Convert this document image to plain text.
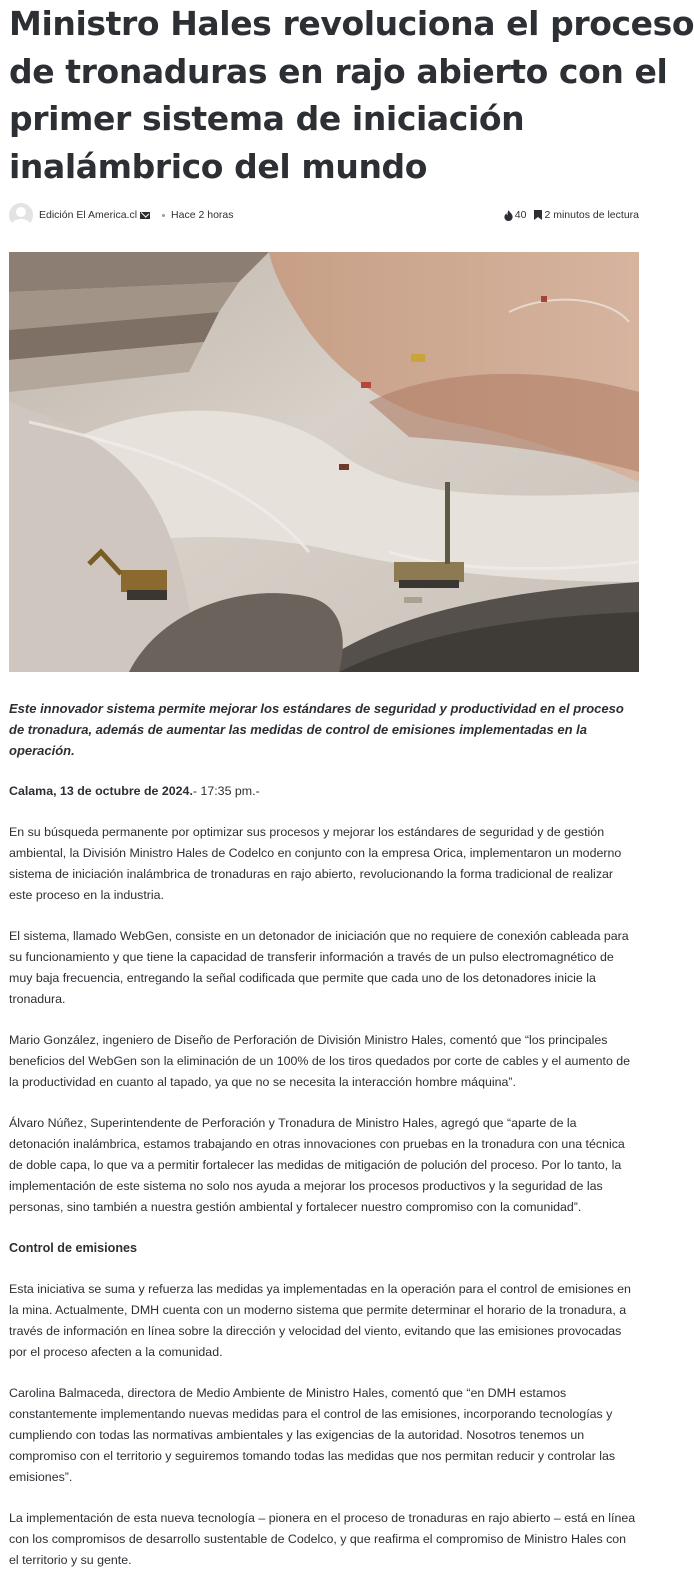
Ministro Hales revoluciona el proceso
de tronaduras en rajo abierto con el
primer sistema de iniciación
inalámbrico del mundo
Edición El America.cl	Hace 2 horas	40 2 minutos de lectura

Este innovador sistema permite mejorar los estándares de seguridad y productividad en el proceso de tronadura, además de aumentar las medidas de control de emisiones implementadas en la operación.

Calama, 13 de octubre de 2024.- 17:35 pm.-

En su búsqueda permanente por optimizar sus procesos y mejorar los estándares de seguridad y de gestión ambiental, la División Ministro Hales de Codelco en conjunto con la empresa Orica, implementaron un moderno sistema de iniciación inalámbrica de tronaduras en rajo abierto, revolucionando la forma tradicional de realizar este proceso en la industria.

El sistema, llamado WebGen, consiste en un detonador de iniciación que no requiere de conexión cableada para su funcionamiento y que tiene la capacidad de transferir información a través de un pulso electromagnético de muy baja frecuencia, entregando la señal codificada que permite que cada uno de los detonadores inicie la tronadura.

Mario González, ingeniero de Diseño de Perforación de División Ministro Hales, comentó que “los principales beneficios del WebGen son la eliminación de un 100% de los tiros quedados por corte de cables y el aumento de la productividad en cuanto al tapado, ya que no se necesita la interacción hombre máquina”.

Álvaro Núñez, Superintendente de Perforación y Tronadura de Ministro Hales, agregó que “aparte de la detonación inalámbrica, estamos trabajando en otras innovaciones con pruebas en la tronadura con una técnica de doble capa, lo que va a permitir fortalecer las medidas de mitigación de polución del proceso. Por lo tanto, la implementación de este sistema no solo nos ayuda a mejorar los procesos productivos y la seguridad de las personas, sino también a nuestra gestión ambiental y fortalecer nuestro compromiso con la comunidad”.

Control de emisiones

Esta iniciativa se suma y refuerza las medidas ya implementadas en la operación para el control de emisiones en la mina. Actualmente, DMH cuenta con un moderno sistema que permite determinar el horario de la tronadura, a través de información en línea sobre la dirección y velocidad del viento, evitando que las emisiones provocadas por el proceso afecten a la comunidad.

Carolina Balmaceda, directora de Medio Ambiente de Ministro Hales, comentó que “en DMH estamos constantemente implementando nuevas medidas para el control de las emisiones, incorporando tecnologías y cumpliendo con todas las normativas ambientales y las exigencias de la autoridad. Nosotros tenemos un compromiso con el territorio y seguiremos tomando todas las medidas que nos permitan reducir y controlar las emisiones”.

La implementación de esta nueva tecnología – pionera en el proceso de tronaduras en rajo abierto – está en línea con los compromisos de desarrollo sustentable de Codelco, y que reafirma el compromiso de Ministro Hales con el territorio y su gente.
